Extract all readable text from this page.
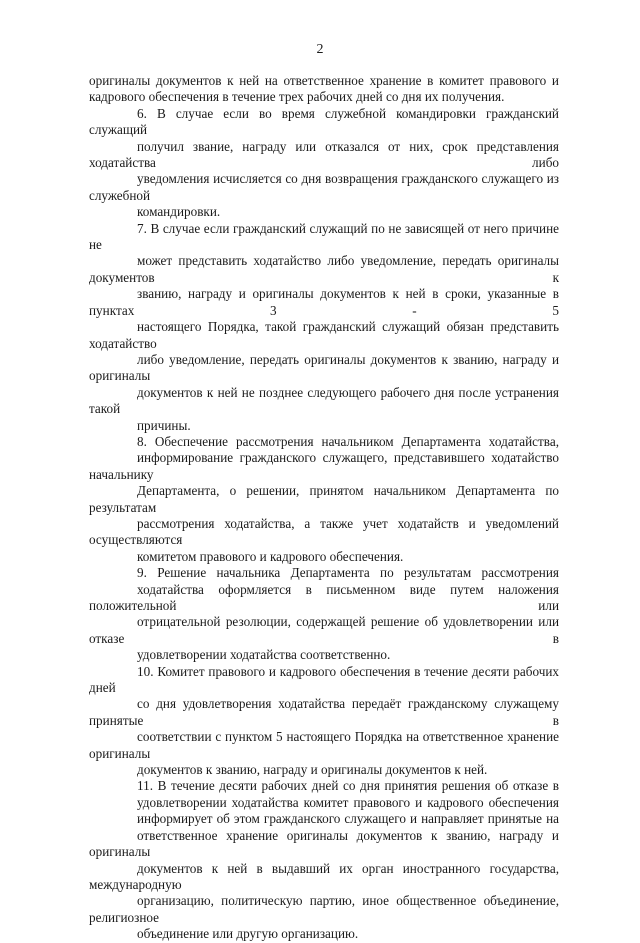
2

оригиналы документов к ней на ответственное хранение в комитет правового и
кадрового обеспечения в течение трех рабочих дней со дня их получения.

6. В случае если во время служебной командировки гражданский служащий
получил звание, награду или отказался от них, срок представления ходатайства либо
уведомления исчисляется со дня возвращения гражданского служащего из служебной
командировки.

7. В случае если гражданский служащий по не зависящей от него причине не
может представить ходатайство либо уведомление, передать оригиналы документов к
званию, награду и оригиналы документов к ней в сроки, указанные в пунктах 3 - 5
настоящего Порядка, такой гражданский служащий обязан представить ходатайство
либо уведомление, передать оригиналы документов к званию, награду и оригиналы
документов к ней не позднее следующего рабочего дня после устранения такой
причины.

8. Обеспечение рассмотрения начальником Департамента ходатайства,
информирование гражданского служащего, представившего ходатайство начальнику
Департамента, о решении, принятом начальником Департамента по результатам
рассмотрения ходатайства, а также учет ходатайств и уведомлений осуществляются
комитетом правового и кадрового обеспечения.

9. Решение начальника Департамента по результатам рассмотрения
ходатайства оформляется в письменном виде путем наложения положительной или
отрицательной резолюции, содержащей решение об удовлетворении или отказе в
удовлетворении ходатайства соответственно.

10. Комитет правового и кадрового обеспечения в течение десяти рабочих дней
со дня удовлетворения ходатайства передаёт гражданскому служащему принятые в
соответствии с пунктом 5 настоящего Порядка на ответственное хранение оригиналы
документов к званию, награду и оригиналы документов к ней.

11. В течение десяти рабочих дней со дня принятия решения об отказе в
удовлетворении ходатайства комитет правового и кадрового обеспечения
информирует об этом гражданского служащего и направляет принятые на
ответственное хранение оригиналы документов к званию, награду и оригиналы
документов к ней в выдавший их орган иностранного государства, международную
организацию, политическую партию, иное общественное объединение, религиозное
объединение или другую организацию.
